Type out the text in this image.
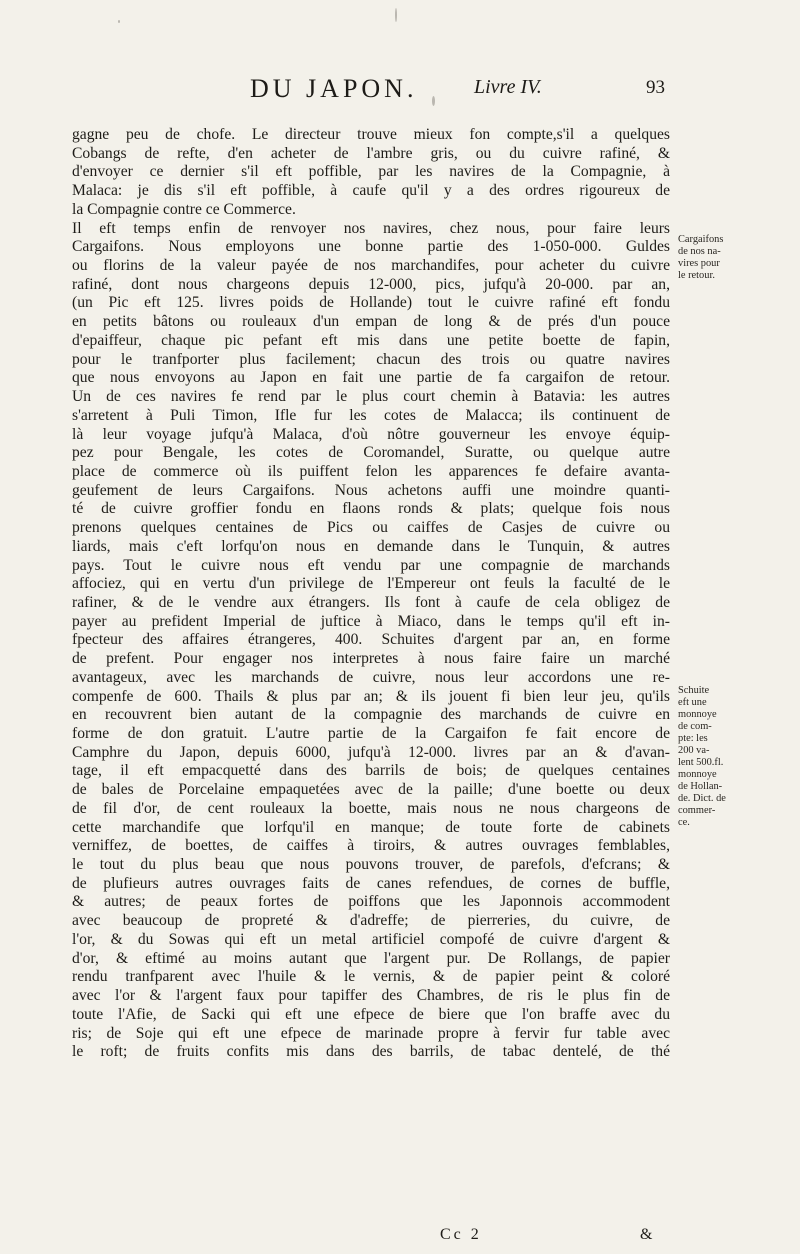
DU JAPON.	Livre IV.	93
gagne peu de chofe. Le directeur trouve mieux fon compte,s'il a quelques
Cobangs de refte, d'en acheter de l'ambre gris, ou du cuivre rafiné, &
d'envoyer ce dernier s'il eft poffible, par les navires de la Compagnie, à
Malaca: je dis s'il eft poffible, à caufe qu'il y a des ordres rigoureux de
la Compagnie contre ce Commerce.
Il eft temps enfin de renvoyer nos navires, chez nous, pour faire leurs
Cargaifons. Nous employons une bonne partie des 1-050-000. Guldes
ou florins de la valeur payée de nos marchandifes, pour acheter du cuivre
rafiné, dont nous chargeons depuis 12-000, pics, jufqu'à 20-000. par an,
(un Pic eft 125. livres poids de Hollande) tout le cuivre rafiné eft fondu
en petits bâtons ou rouleaux d'un empan de long & de prés d'un pouce
d'epaiffeur, chaque pic pefant eft mis dans une petite boette de fapin,
pour le tranfporter plus facilement; chacun des trois ou quatre navires
que nous envoyons au Japon en fait une partie de fa cargaifon de retour.
Un de ces navires fe rend par le plus court chemin à Batavia: les autres
s'arretent à Puli Timon, Ifle fur les cotes de Malacca; ils continuent de
là leur voyage jufqu'à Malaca, d'où nôtre gouverneur les envoye équip-
pez pour Bengale, les cotes de Coromandel, Suratte, ou quelque autre
place de commerce où ils puiffent felon les apparences fe defaire avanta-
geufement de leurs Cargaifons. Nous achetons auffi une moindre quanti-
té de cuivre groffier fondu en flaons ronds & plats; quelque fois nous
prenons quelques centaines de Pics ou caiffes de Casjes de cuivre ou
liards, mais c'eft lorfqu'on nous en demande dans le Tunquin, & autres
pays. Tout le cuivre nous eft vendu par une compagnie de marchands
affociez, qui en vertu d'un privilege de l'Empereur ont feuls la faculté de le
rafiner, & de le vendre aux étrangers. Ils font à caufe de cela obligez de
payer au prefident Imperial de juftice à Miaco, dans le temps qu'il eft in-
fpecteur des affaires étrangeres, 400. Schuites d'argent par an, en forme
de prefent. Pour engager nos interpretes à nous faire faire un marché
avantageux, avec les marchands de cuivre, nous leur accordons une re-
compenfe de 600. Thails & plus par an; & ils jouent fi bien leur jeu, qu'ils
en recouvrent bien autant de la compagnie des marchands de cuivre en
forme de don gratuit. L'autre partie de la Cargaifon fe fait encore de
Camphre du Japon, depuis 6000, jufqu'à 12-000. livres par an & d'avan-
tage, il eft empacquetté dans des barrils de bois; de quelques centaines
de bales de Porcelaine empaquetées avec de la paille; d'une boette ou deux
de fil d'or, de cent rouleaux la boette, mais nous ne nous chargeons de
cette marchandife que lorfqu'il en manque; de toute forte de cabinets
verniffez, de boettes, de caiffes à tiroirs, & autres ouvrages femblables,
le tout du plus beau que nous pouvons trouver, de parefols, d'efcrans; &
de plufieurs autres ouvrages faits de canes refendues, de cornes de buffle,
& autres; de peaux fortes de poiffons que les Japonnois accommodent
avec beaucoup de propreté & d'adreffe; de pierreries, du cuivre, de
l'or, & du Sowas qui eft un metal artificiel compofé de cuivre d'argent &
d'or, & eftimé au moins autant que l'argent pur. De Rollangs, de papier
rendu tranfparent avec l'huile & le vernis, & de papier peint & coloré
avec l'or & l'argent faux pour tapiffer des Chambres, de ris le plus fin de
toute l'Afie, de Sacki qui eft une efpece de biere que l'on braffe avec du
ris; de Soje qui eft une efpece de marinade propre à fervir fur table avec
le roft; de fruits confits mis dans des barrils, de tabac dentelé, de thé
Cargaifons
de nos na-
vires pour
le retour.
Schuite
eft une
monnoye
de com-
pte: les
200 va-
lent 500.fl.
monnoye
de Hollan-
de. Dict. de
commer-
ce.
Cc 2	&
